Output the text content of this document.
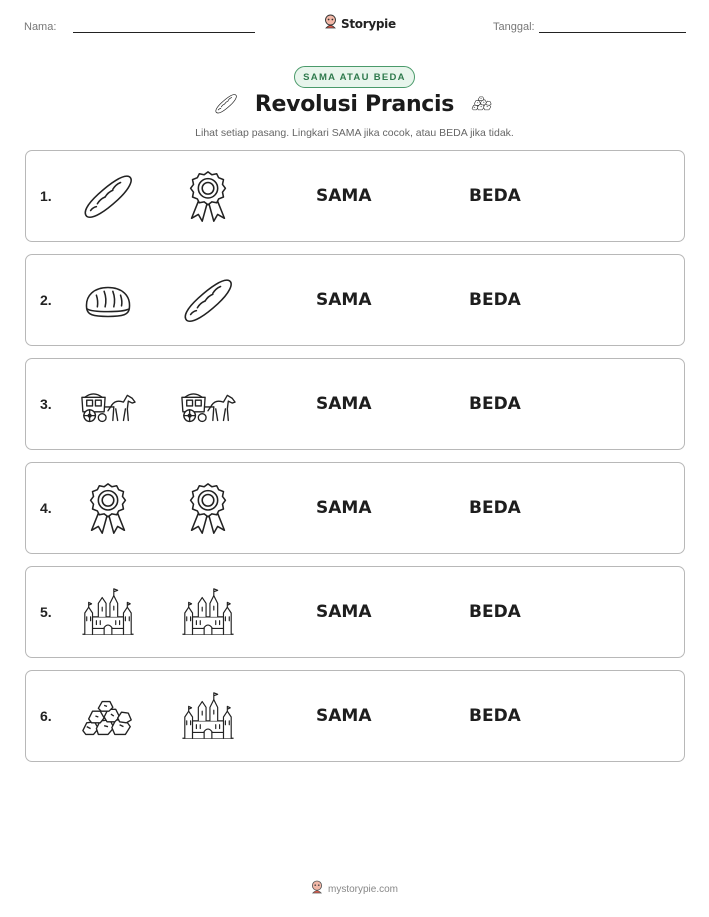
Nama:	Storypie	Tanggal:
SAMA ATAU BEDA
Revolusi Prancis
Lihat setiap pasang. Lingkari SAMA jika cocok, atau BEDA jika tidak.
1.	SAMA	BEDA
2.	SAMA	BEDA
3.	SAMA	BEDA
4.	SAMA	BEDA
5.	SAMA	BEDA
6.	SAMA	BEDA
mystorypie.com
